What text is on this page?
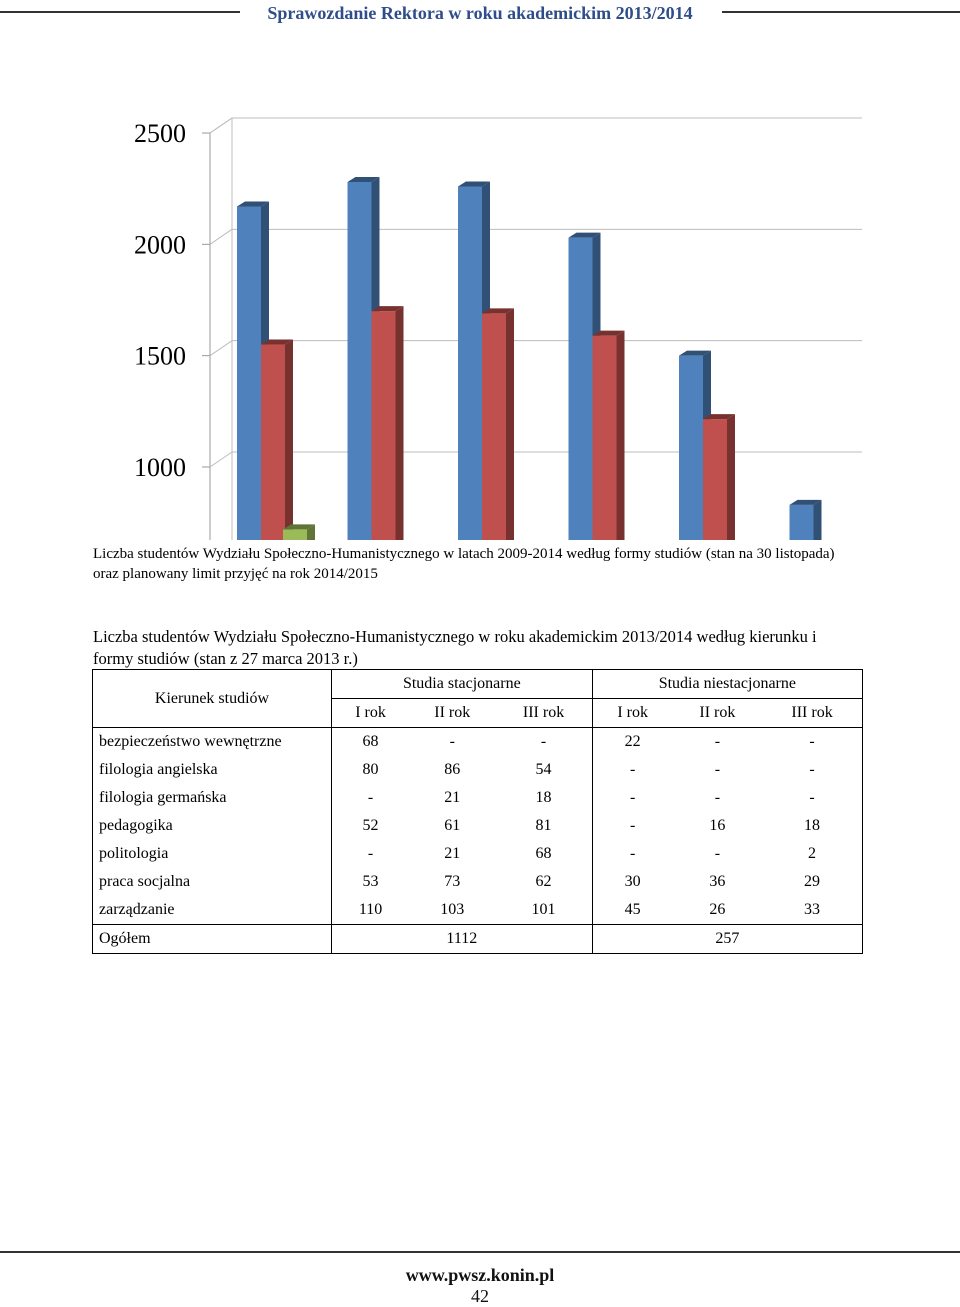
Sprawozdanie Rektora w roku akademickim 2013/2014
2500
2000
1500
1000
Liczba studentów Wydziału Społeczno-Humanistycznego w latach 2009-2014 według formy studiów (stan na 30 listopada) oraz planowany limit przyjęć na rok 2014/2015
Liczba studentów Wydziału Społeczno-Humanistycznego w roku akademickim 2013/2014 według kierunku i formy studiów (stan z 27 marca 2013 r.)
Kierunek studiów	Studia stacjonarne			Studia niestacjonarne		
	I rok	II rok	III rok	I rok	II rok	III rok
bezpieczeństwo wewnętrzne	68	-	-	22	-	-
filologia angielska	80	86	54	-	-	-
filologia germańska	-	21	18	-	-	-
pedagogika	52	61	81	-	16	18
politologia	-	21	68	-	-	2
praca socjalna	53	73	62	30	36	29
zarządzanie	110	103	101	45	26	33
Ogółem	1112			257		
www.pwsz.konin.pl
42
